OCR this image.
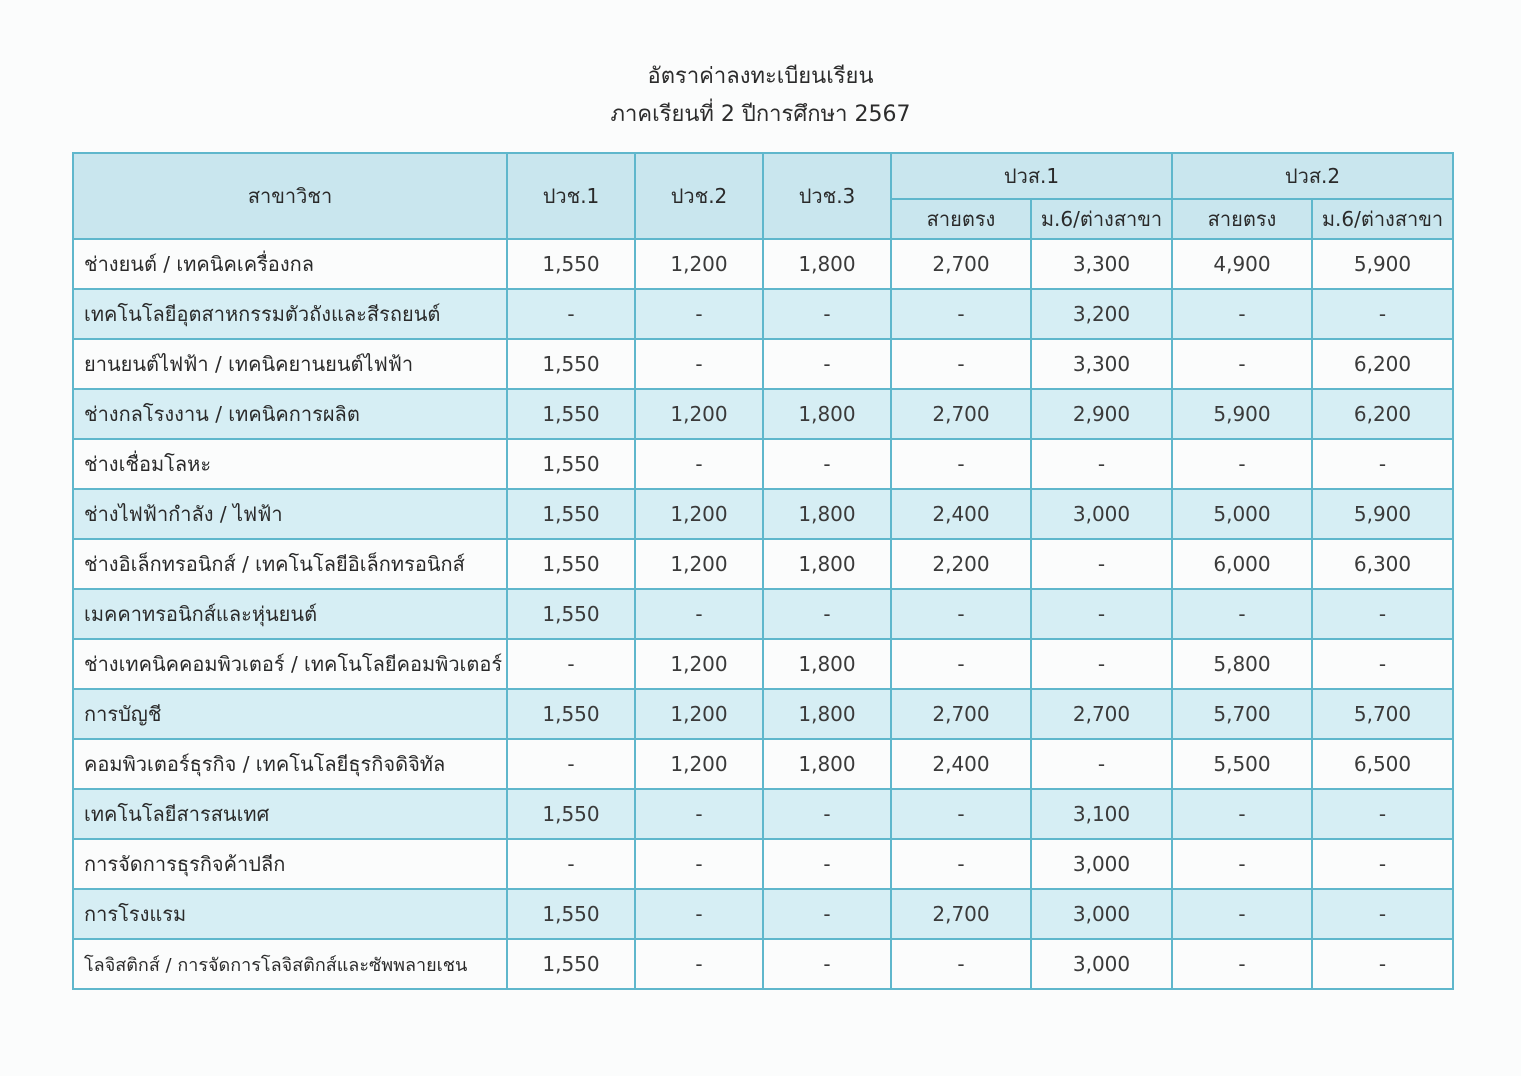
อัตราค่าลงทะเบียนเรียน
ภาคเรียนที่ 2 ปีการศึกษา 2567
สาขาวิชา	ปวช.1	ปวช.2	ปวช.3	ปวส.1		ปวส.2	
				สายตรง	ม.6/ต่างสาขา	สายตรง	ม.6/ต่างสาขา
ช่างยนต์ / เทคนิคเครื่องกล	1,550	1,200	1,800	2,700	3,300	4,900	5,900
เทคโนโลยีอุตสาหกรรมตัวถังและสีรถยนต์	-	-	-	-	3,200	-	-
ยานยนต์ไฟฟ้า / เทคนิคยานยนต์ไฟฟ้า	1,550	-	-	-	3,300	-	6,200
ช่างกลโรงงาน / เทคนิคการผลิต	1,550	1,200	1,800	2,700	2,900	5,900	6,200
ช่างเชื่อมโลหะ	1,550	-	-	-	-	-	-
ช่างไฟฟ้ากำลัง / ไฟฟ้า	1,550	1,200	1,800	2,400	3,000	5,000	5,900
ช่างอิเล็กทรอนิกส์ / เทคโนโลยีอิเล็กทรอนิกส์	1,550	1,200	1,800	2,200	-	6,000	6,300
เมคคาทรอนิกส์และหุ่นยนต์	1,550	-	-	-	-	-	-
ช่างเทคนิคคอมพิวเตอร์ / เทคโนโลยีคอมพิวเตอร์	-	1,200	1,800	-	-	5,800	-
การบัญชี	1,550	1,200	1,800	2,700	2,700	5,700	5,700
คอมพิวเตอร์ธุรกิจ / เทคโนโลยีธุรกิจดิจิทัล	-	1,200	1,800	2,400	-	5,500	6,500
เทคโนโลยีสารสนเทศ	1,550	-	-	-	3,100	-	-
การจัดการธุรกิจค้าปลีก	-	-	-	-	3,000	-	-
การโรงแรม	1,550	-	-	2,700	3,000	-	-
โลจิสติกส์ / การจัดการโลจิสติกส์และซัพพลายเชน	1,550	-	-	-	3,000	-	-
